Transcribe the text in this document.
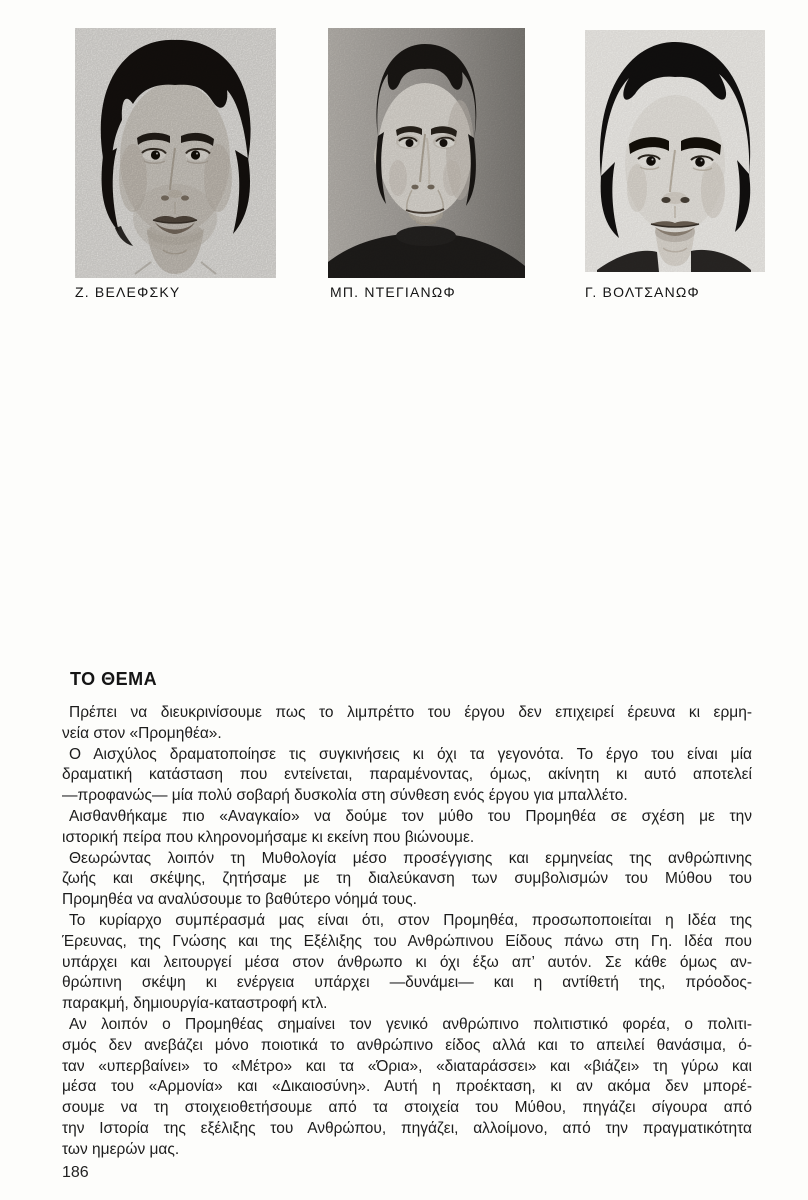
Ζ. ΒΕΛΕΦΣΚΥ	ΜΠ. ΝΤΕΓΙΑΝΩΦ	Γ. ΒΟΛΤΣΑΝΩΦ
ΤΟ ΘΕΜΑ

Πρέπει να διευκρινίσουμε πως το λιμπρέττο του έργου δεν επιχειρεί έρευνα κι ερμη-
νεία στον «Προμηθέα».

Ο Αισχύλος δραματοποίησε τις συγκινήσεις κι όχι τα γεγονότα. Το έργο του είναι μία
δραματική κατάσταση που εντείνεται, παραμένοντας, όμως, ακίνητη κι αυτό αποτελεί
—προφανώς— μία πολύ σοβαρή δυσκολία στη σύνθεση ενός έργου για μπαλλέτο.

Αισθανθήκαμε πιο «Αναγκαίο» να δούμε τον μύθο του Προμηθέα σε σχέση με την
ιστορική πείρα που κληρονομήσαμε κι εκείνη που βιώνουμε.

Θεωρώντας λοιπόν τη Μυθολογία μέσο προσέγγισης και ερμηνείας της ανθρώπινης
ζωής και σκέψης, ζητήσαμε με τη διαλεύκανση των συμβολισμών του Μύθου του
Προμηθέα να αναλύσουμε το βαθύτερο νόημά τους.

Το κυρίαρχο συμπέρασμά μας είναι ότι, στον Προμηθέα, προσωποποιείται η Ιδέα της
Έρευνας, της Γνώσης και της Εξέλιξης του Ανθρώπινου Είδους πάνω στη Γη. Ιδέα που
υπάρχει και λειτουργεί μέσα στον άνθρωπο κι όχι έξω απ’ αυτόν. Σε κάθε όμως αν-
θρώπινη σκέψη κι ενέργεια υπάρχει —δυνάμει— και η αντίθετή της, πρόοδος-
παρακμή, δημιουργία-καταστροφή κτλ.

Αν λοιπόν ο Προμηθέας σημαίνει τον γενικό ανθρώπινο πολιτιστικό φορέα, ο πολιτι-
σμός δεν ανεβάζει μόνο ποιοτικά το ανθρώπινο είδος αλλά και το απειλεί θανάσιμα, ό-
ταν «υπερβαίνει» το «Μέτρο» και τα «Όρια», «διαταράσσει» και «βιάζει» τη γύρω και
μέσα του «Αρμονία» και «Δικαιοσύνη». Αυτή η προέκταση, κι αν ακόμα δεν μπορέ-
σουμε να τη στοιχειοθετήσουμε από τα στοιχεία του Μύθου, πηγάζει σίγουρα από
την Ιστορία της εξέλιξης του Ανθρώπου, πηγάζει, αλλοίμονο, από την πραγματικότητα
των ημερών μας.

186
